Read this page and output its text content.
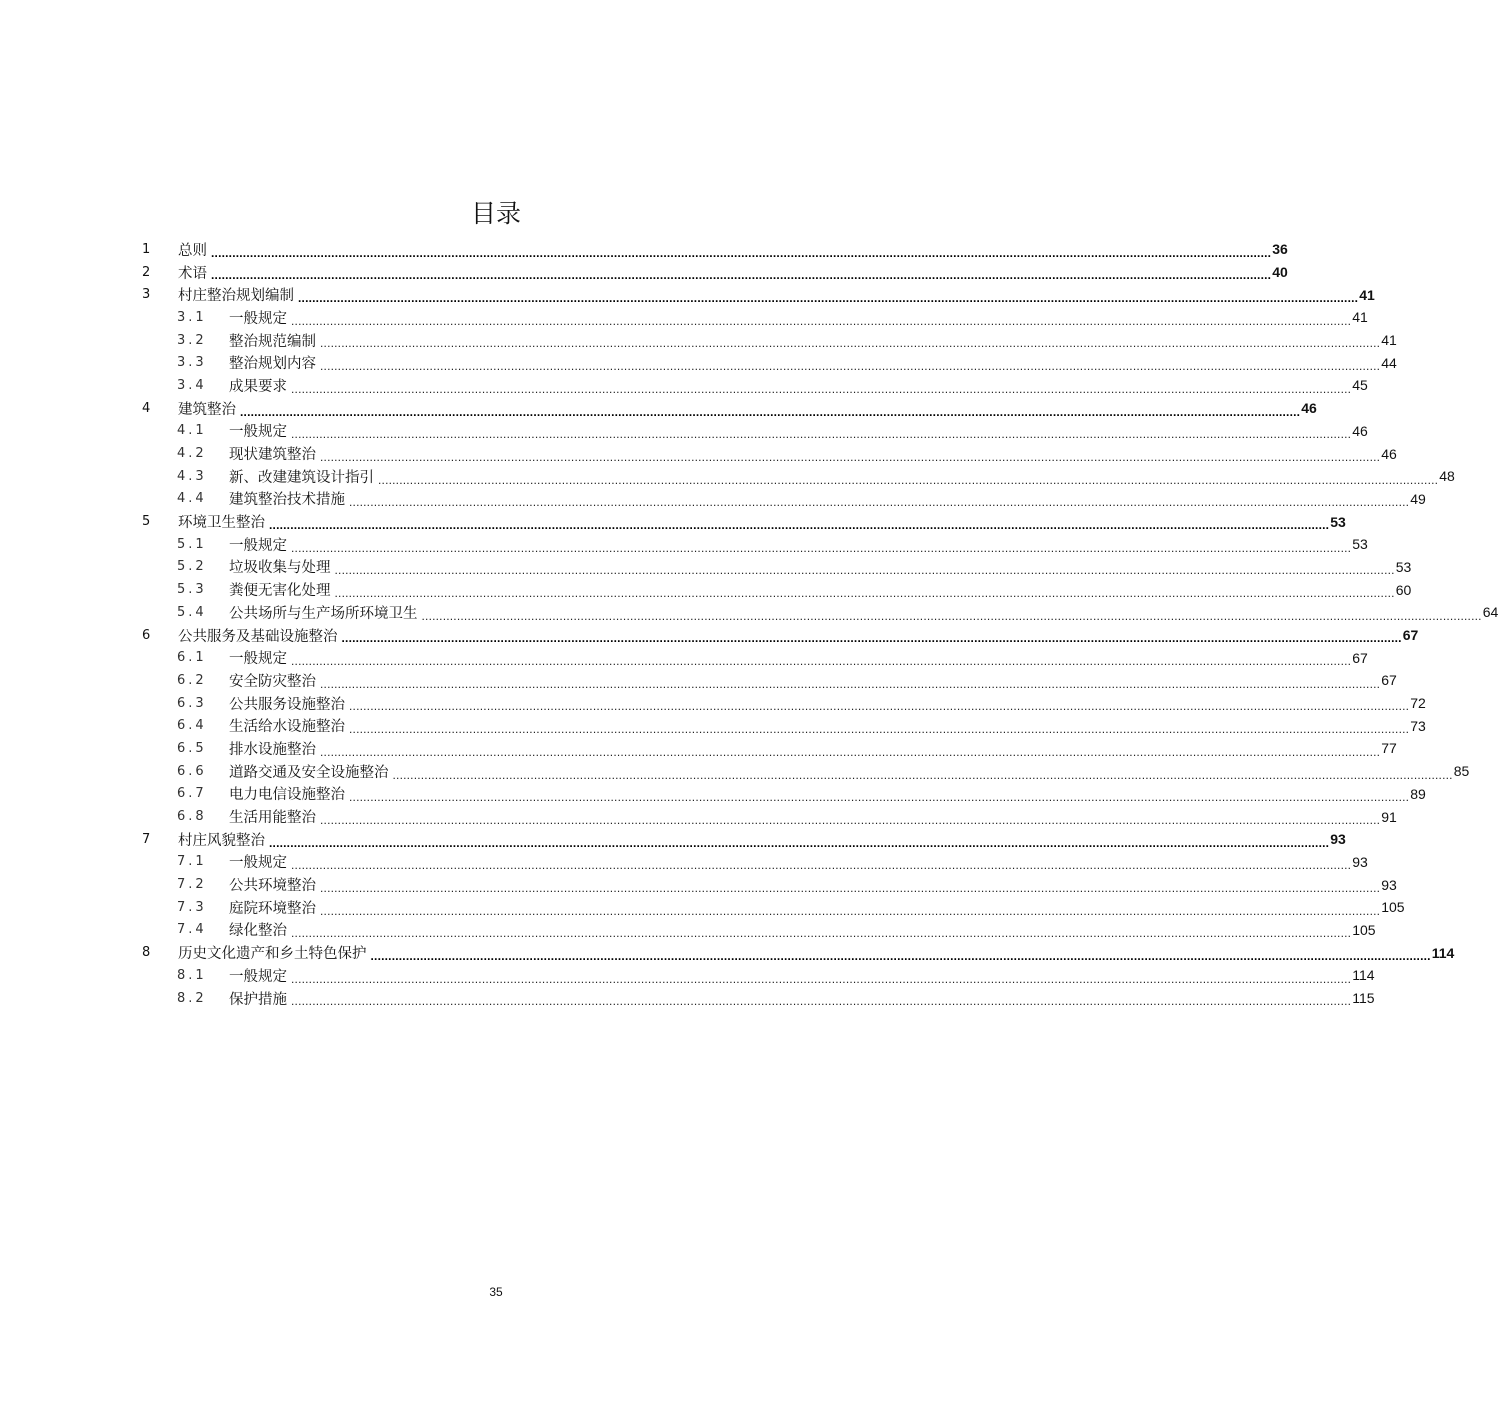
目录
1 总则 ............................................................................................................................................................................................................................................................................................................ 36
2 术语 ............................................................................................................................................................................................................................................................................................................ 40
3 村庄整治规划编制 ............................................................................................................................................................................................................................................................................................................ 41
3.1 一般规定 ............................................................................................................................................................................................................................................................................................................ 41
3.2 整治规范编制 ............................................................................................................................................................................................................................................................................................................ 41
3.3 整治规划内容 ............................................................................................................................................................................................................................................................................................................ 44
3.4 成果要求 ............................................................................................................................................................................................................................................................................................................ 45
4 建筑整治 ............................................................................................................................................................................................................................................................................................................ 46
4.1 一般规定 ............................................................................................................................................................................................................................................................................................................ 46
4.2 现状建筑整治 ............................................................................................................................................................................................................................................................................................................ 46
4.3 新、改建建筑设计指引 ............................................................................................................................................................................................................................................................................................................ 48
4.4 建筑整治技术措施 ............................................................................................................................................................................................................................................................................................................ 49
5 环境卫生整治 ............................................................................................................................................................................................................................................................................................................ 53
5.1 一般规定 ............................................................................................................................................................................................................................................................................................................ 53
5.2 垃圾收集与处理 ............................................................................................................................................................................................................................................................................................................ 53
5.3 粪便无害化处理 ............................................................................................................................................................................................................................................................................................................ 60
5.4 公共场所与生产场所环境卫生 ............................................................................................................................................................................................................................................................................................................ 64
6 公共服务及基础设施整治 ............................................................................................................................................................................................................................................................................................................ 67
6.1 一般规定 ............................................................................................................................................................................................................................................................................................................ 67
6.2 安全防灾整治 ............................................................................................................................................................................................................................................................................................................ 67
6.3 公共服务设施整治 ............................................................................................................................................................................................................................................................................................................ 72
6.4 生活给水设施整治 ............................................................................................................................................................................................................................................................................................................ 73
6.5 排水设施整治 ............................................................................................................................................................................................................................................................................................................ 77
6.6 道路交通及安全设施整治 ............................................................................................................................................................................................................................................................................................................ 85
6.7 电力电信设施整治 ............................................................................................................................................................................................................................................................................................................ 89
6.8 生活用能整治 ............................................................................................................................................................................................................................................................................................................ 91
7 村庄风貌整治 ............................................................................................................................................................................................................................................................................................................ 93
7.1 一般规定 ............................................................................................................................................................................................................................................................................................................ 93
7.2 公共环境整治 ............................................................................................................................................................................................................................................................................................................ 93
7.3 庭院环境整治 ............................................................................................................................................................................................................................................................................................................ 105
7.4 绿化整治 ............................................................................................................................................................................................................................................................................................................ 105
8 历史文化遗产和乡土特色保护 ............................................................................................................................................................................................................................................................................................................ 114
8.1 一般规定 ............................................................................................................................................................................................................................................................................................................ 114
8.2 保护措施 ............................................................................................................................................................................................................................................................................................................ 115
35
